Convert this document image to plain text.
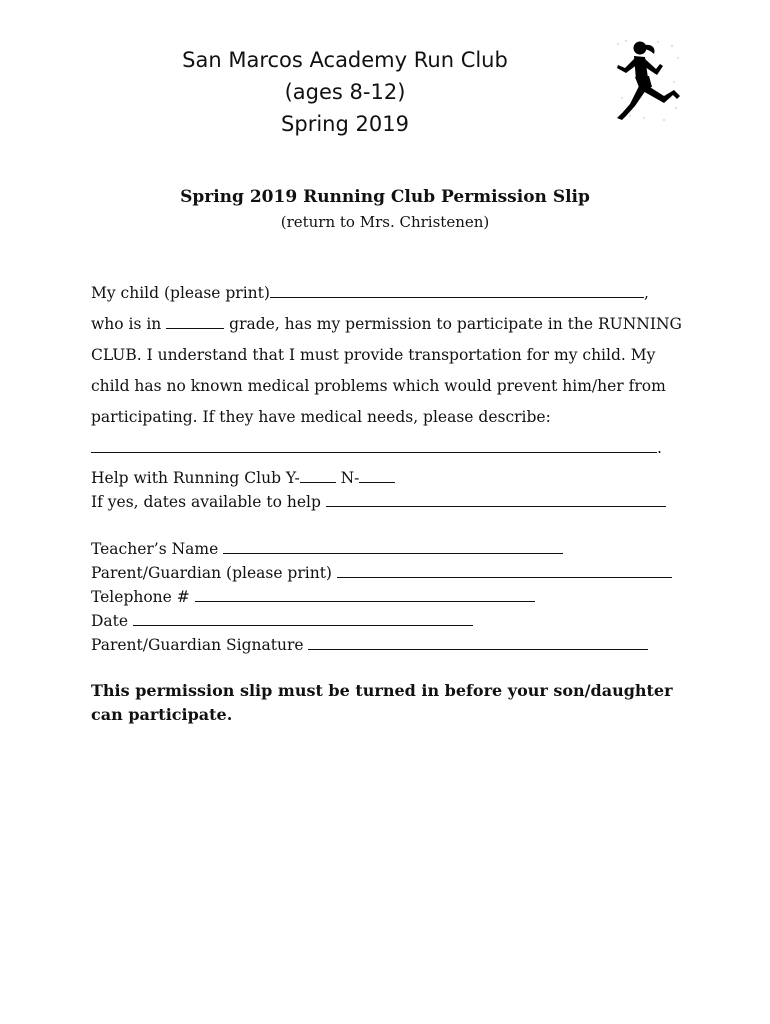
San Marcos Academy Run Club
(ages 8-12)
Spring 2019
Spring 2019 Running Club Permission Slip
(return to Mrs. Christenen)
My child (please print)	,
who is in	grade, has my permission to participate in the RUNNING
CLUB. I understand that I must provide transportation for my child. My
child has no known medical problems which would prevent him/her from
participating. If they have medical needs, please describe:
.
Help with Running Club Y- N-
If yes, dates available to help
Teacher’s Name
Parent/Guardian (please print)
Telephone #
Date
Parent/Guardian Signature
This permission slip must be turned in before your son/daughter can participate.
